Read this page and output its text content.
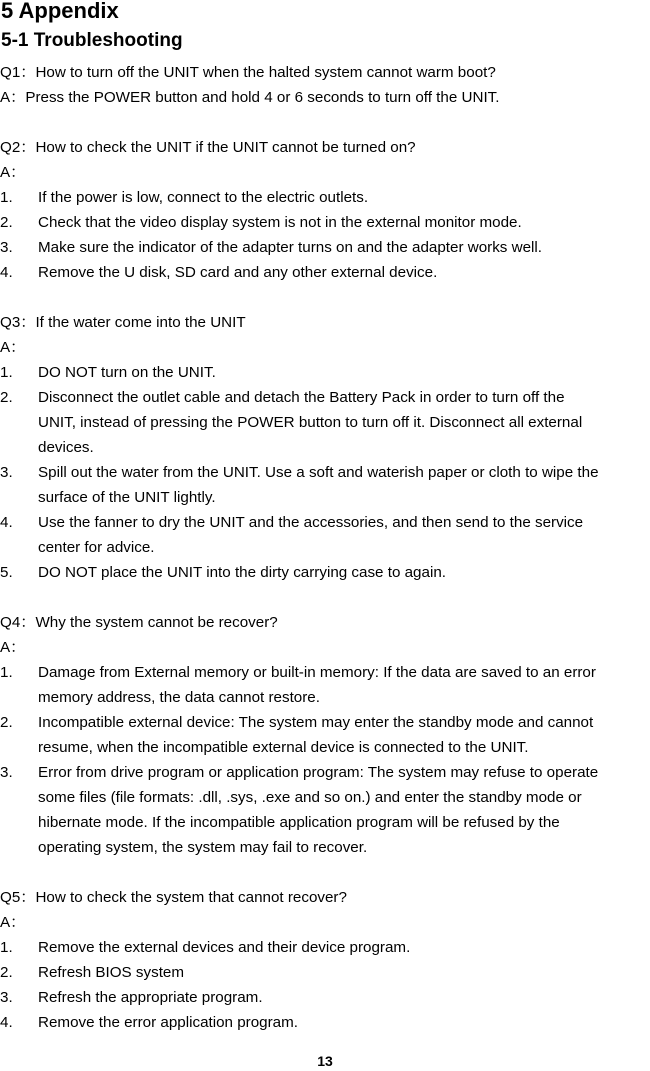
5 Appendix
5-1 Troubleshooting
Q1：How to turn off the UNIT when the halted system cannot warm boot?
A：Press the POWER button and hold 4 or 6 seconds to turn off the UNIT.
Q2：How to check the UNIT if the UNIT cannot be turned on?
A：
1. If the power is low, connect to the electric outlets.
2. Check that the video display system is not in the external monitor mode.
3. Make sure the indicator of the adapter turns on and the adapter works well.
4. Remove the U disk, SD card and any other external device.
Q3：If the water come into the UNIT
A：
1. DO NOT turn on the UNIT.
2. Disconnect the outlet cable and detach the Battery Pack in order to turn off the
UNIT, instead of pressing the POWER button to turn off it. Disconnect all external
devices.
3. Spill out the water from the UNIT. Use a soft and waterish paper or cloth to wipe the
surface of the UNIT lightly.
4. Use the fanner to dry the UNIT and the accessories, and then send to the service
center for advice.
5. DO NOT place the UNIT into the dirty carrying case to again.
Q4：Why the system cannot be recover?
A：
1. Damage from External memory or built-in memory: If the data are saved to an error
memory address, the data cannot restore.
2. Incompatible external device: The system may enter the standby mode and cannot
resume, when the incompatible external device is connected to the UNIT.
3. Error from drive program or application program: The system may refuse to operate
some files (file formats: .dll, .sys, .exe and so on.) and enter the standby mode or
hibernate mode. If the incompatible application program will be refused by the
operating system, the system may fail to recover.
Q5：How to check the system that cannot recover?
A：
1. Remove the external devices and their device program.
2. Refresh BIOS system
3. Refresh the appropriate program.
4. Remove the error application program.
13
